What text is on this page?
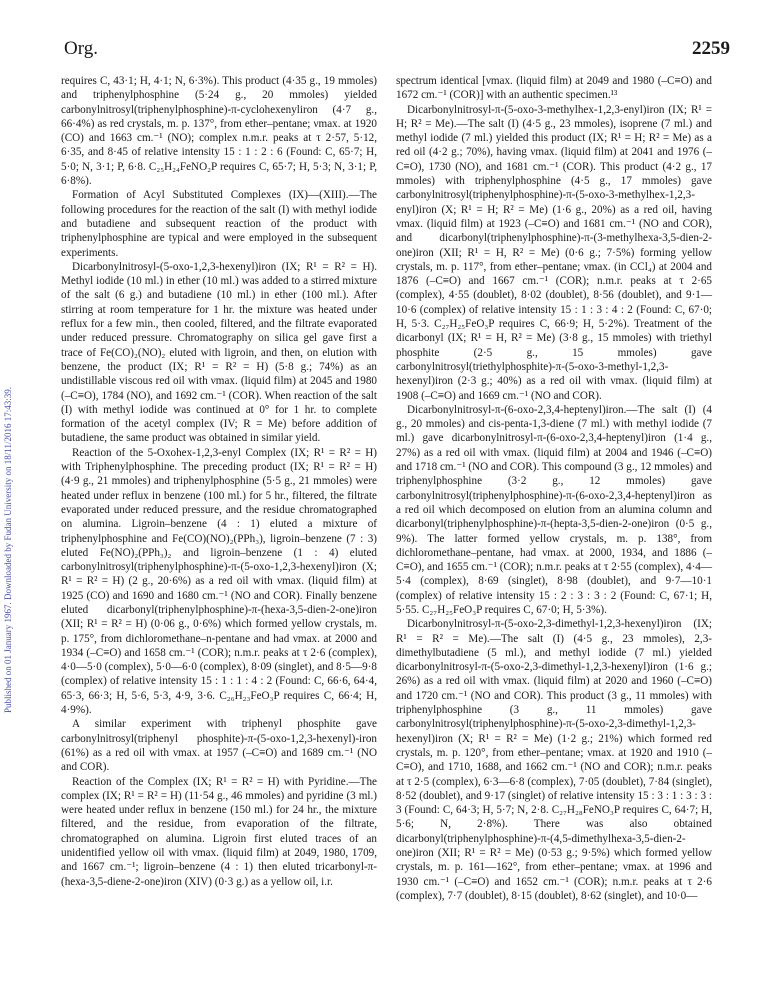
Org.	2259
Published on 01 January 1967. Downloaded by Fudan University on 18/11/2016 17:43:39.

requires C, 43·1; H, 4·1; N, 6·3%). This product (4·35 g., 19 mmoles) and triphenylphosphine (5·24 g., 20 mmoles) yielded carbonylnitrosyl(triphenylphosphine)-π-cyclohexenyliron (4·7 g., 66·4%) as red crystals, m. p. 137°, from ether–pentane; νmax. at 1920 (CO) and 1663 cm.⁻¹ (NO); complex n.m.r. peaks at τ 2·57, 5·12, 6·35, and 8·45 of relative intensity 15 : 1 : 2 : 6 (Found: C, 65·7; H, 5·0; N, 3·1; P, 6·8. C₂₅H₂₄FeNO₂P requires C, 65·7; H, 5·3; N, 3·1; P, 6·8%).

Formation of Acyl Substituted Complexes (IX)—(XIII).—The following procedures for the reaction of the salt (I) with methyl iodide and butadiene and subsequent reaction of the product with triphenylphosphine are typical and were employed in the subsequent experiments.

Dicarbonylnitrosyl-(5-oxo-1,2,3-hexenyl)iron (IX; R¹ = R² = H). Methyl iodide (10 ml.) in ether (10 ml.) was added to a stirred mixture of the salt (6 g.) and butadiene (10 ml.) in ether (100 ml.). After stirring at room temperature for 1 hr. the mixture was heated under reflux for a few min., then cooled, filtered, and the filtrate evaporated under reduced pressure. Chromatography on silica gel gave first a trace of Fe(CO)₂(NO)₂ eluted with ligroin, and then, on elution with benzene, the product (IX; R¹ = R² = H) (5·8 g.; 74%) as an undistillable viscous red oil with νmax. (liquid film) at 2045 and 1980 (–C≡O), 1784 (NO), and 1692 cm.⁻¹ (COR). When reaction of the salt (I) with methyl iodide was continued at 0° for 1 hr. to complete formation of the acetyl complex (IV; R = Me) before addition of butadiene, the same product was obtained in similar yield.

Reaction of the 5-Oxohex-1,2,3-enyl Complex (IX; R¹ = R² = H) with Triphenylphosphine. The preceding product (IX; R¹ = R² = H) (4·9 g., 21 mmoles) and triphenylphosphine (5·5 g., 21 mmoles) were heated under reflux in benzene (100 ml.) for 5 hr., filtered, the filtrate evaporated under reduced pressure, and the residue chromatographed on alumina. Ligroin–benzene (4 : 1) eluted a mixture of triphenylphosphine and Fe(CO)(NO)₂(PPh₃), ligroin–benzene (7 : 3) eluted Fe(NO)₂(PPh₃)₂ and ligroin–benzene (1 : 4) eluted carbonylnitrosyl(triphenylphosphine)-π-(5-oxo-1,2,3-hexenyl)iron (X; R¹ = R² = H) (2 g., 20·6%) as a red oil with νmax. (liquid film) at 1925 (CO) and 1690 and 1680 cm.⁻¹ (NO and COR). Finally benzene eluted dicarbonyl(triphenylphosphine)-π-(hexa-3,5-dien-2-one)iron (XII; R¹ = R² = H) (0·06 g., 0·6%) which formed yellow crystals, m. p. 175°, from dichloromethane–n-pentane and had νmax. at 2000 and 1934 (–C≡O) and 1658 cm.⁻¹ (COR); n.m.r. peaks at τ 2·6 (complex), 4·0—5·0 (complex), 5·0—6·0 (complex), 8·09 (singlet), and 8·5—9·8 (complex) of relative intensity 15 : 1 : 1 : 4 : 2 (Found: C, 66·6, 64·4, 65·3, 66·3; H, 5·6, 5·3, 4·9, 3·6. C₂₆H₂₃FeO₃P requires C, 66·4; H, 4·9%).

A similar experiment with triphenyl phosphite gave carbonylnitrosyl(triphenyl phosphite)-π-(5-oxo-1,2,3-hexenyl)-iron (61%) as a red oil with νmax. at 1957 (–C≡O) and 1689 cm.⁻¹ (NO and COR).

Reaction of the Complex (IX; R¹ = R² = H) with Pyridine.—The complex (IX; R¹ = R² = H) (11·54 g., 46 mmoles) and pyridine (3 ml.) were heated under reflux in benzene (150 ml.) for 24 hr., the mixture filtered, and the residue, from evaporation of the filtrate, chromatographed on alumina. Ligroin first eluted traces of an unidentified yellow oil with νmax. (liquid film) at 2049, 1980, 1709, and 1667 cm.⁻¹; ligroin–benzene (4 : 1) then eluted tricarbonyl-π-(hexa-3,5-diene-2-one)iron (XIV) (0·3 g.) as a yellow oil, i.r.

spectrum identical [νmax. (liquid film) at 2049 and 1980 (–C≡O) and 1672 cm.⁻¹ (COR)] with an authentic specimen.¹³

Dicarbonylnitrosyl-π-(5-oxo-3-methylhex-1,2,3-enyl)iron (IX; R¹ = H; R² = Me).—The salt (I) (4·5 g., 23 mmoles), isoprene (7 ml.) and methyl iodide (7 ml.) yielded this product (IX; R¹ = H; R² = Me) as a red oil (4·2 g.; 70%), having νmax. (liquid film) at 2041 and 1976 (–C≡O), 1730 (NO), and 1681 cm.⁻¹ (COR). This product (4·2 g., 17 mmoles) with triphenylphosphine (4·5 g., 17 mmoles) gave carbonylnitrosyl(triphenylphosphine)-π-(5-oxo-3-methylhex-1,2,3-enyl)iron (X; R¹ = H; R² = Me) (1·6 g., 20%) as a red oil, having νmax. (liquid film) at 1923 (–C≡O) and 1681 cm.⁻¹ (NO and COR), and dicarbonyl(triphenylphosphine)-π-(3-methylhexa-3,5-dien-2-one)iron (XII; R¹ = H, R² = Me) (0·6 g.; 7·5%) forming yellow crystals, m. p. 117°, from ether–pentane; νmax. (in CCl₄) at 2004 and 1876 (–C≡O) and 1667 cm.⁻¹ (COR); n.m.r. peaks at τ 2·65 (complex), 4·55 (doublet), 8·02 (doublet), 8·56 (doublet), and 9·1—10·6 (complex) of relative intensity 15 : 1 : 3 : 4 : 2 (Found: C, 67·0; H, 5·3. C₂₇H₂₅FeO₃P requires C, 66·9; H, 5·2%). Treatment of the dicarbonyl (IX; R¹ = H, R² = Me) (3·8 g., 15 mmoles) with triethyl phosphite (2·5 g., 15 mmoles) gave carbonylnitrosyl(triethylphosphite)-π-(5-oxo-3-methyl-1,2,3-hexenyl)iron (2·3 g.; 40%) as a red oil with νmax. (liquid film) at 1908 (–C≡O) and 1669 cm.⁻¹ (NO and COR).

Dicarbonylnitrosyl-π-(6-oxo-2,3,4-heptenyl)iron.—The salt (I) (4 g., 20 mmoles) and cis-penta-1,3-diene (7 ml.) with methyl iodide (7 ml.) gave dicarbonylnitrosyl-π-(6-oxo-2,3,4-heptenyl)iron (1·4 g., 27%) as a red oil with νmax. (liquid film) at 2004 and 1946 (–C≡O) and 1718 cm.⁻¹ (NO and COR). This compound (3 g., 12 mmoles) and triphenylphosphine (3·2 g., 12 mmoles) gave carbonylnitrosyl(triphenylphosphine)-π-(6-oxo-2,3,4-heptenyl)iron as a red oil which decomposed on elution from an alumina column and dicarbonyl(triphenylphosphine)-π-(hepta-3,5-dien-2-one)iron (0·5 g., 9%). The latter formed yellow crystals, m. p. 138°, from dichloromethane–pentane, had νmax. at 2000, 1934, and 1886 (–C≡O), and 1655 cm.⁻¹ (COR); n.m.r. peaks at τ 2·55 (complex), 4·4—5·4 (complex), 8·69 (singlet), 8·98 (doublet), and 9·7—10·1 (complex) of relative intensity 15 : 2 : 3 : 3 : 2 (Found: C, 67·1; H, 5·55. C₂₇H₂₅FeO₃P requires C, 67·0; H, 5·3%).

Dicarbonylnitrosyl-π-(5-oxo-2,3-dimethyl-1,2,3-hexenyl)iron (IX; R¹ = R² = Me).—The salt (I) (4·5 g., 23 mmoles), 2,3-dimethylbutadiene (5 ml.), and methyl iodide (7 ml.) yielded dicarbonylnitrosyl-π-(5-oxo-2,3-dimethyl-1,2,3-hexenyl)iron (1·6 g.; 26%) as a red oil with νmax. (liquid film) at 2020 and 1960 (–C≡O) and 1720 cm.⁻¹ (NO and COR). This product (3 g., 11 mmoles) with triphenylphosphine (3 g., 11 mmoles) gave carbonylnitrosyl(triphenylphosphine)-π-(5-oxo-2,3-dimethyl-1,2,3-hexenyl)iron (X; R¹ = R² = Me) (1·2 g.; 21%) which formed red crystals, m. p. 120°, from ether–pentane; νmax. at 1920 and 1910 (–C≡O), and 1710, 1688, and 1662 cm.⁻¹ (NO and COR); n.m.r. peaks at τ 2·5 (complex), 6·3—6·8 (complex), 7·05 (doublet), 7·84 (singlet), 8·52 (doublet), and 9·17 (singlet) of relative intensity 15 : 3 : 1 : 3 : 3 : 3 (Found: C, 64·3; H, 5·7; N, 2·8. C₂₇H₂₈FeNO₃P requires C, 64·7; H, 5·6; N, 2·8%). There was also obtained dicarbonyl(triphenylphosphine)-π-(4,5-dimethylhexa-3,5-dien-2-one)iron (XII; R¹ = R² = Me) (0·53 g.; 9·5%) which formed yellow crystals, m. p. 161—162°, from ether–pentane; νmax. at 1996 and 1930 cm.⁻¹ (–C≡O) and 1652 cm.⁻¹ (COR); n.m.r. peaks at τ 2·6 (complex), 7·7 (doublet), 8·15 (doublet), 8·62 (singlet), and 10·0—
